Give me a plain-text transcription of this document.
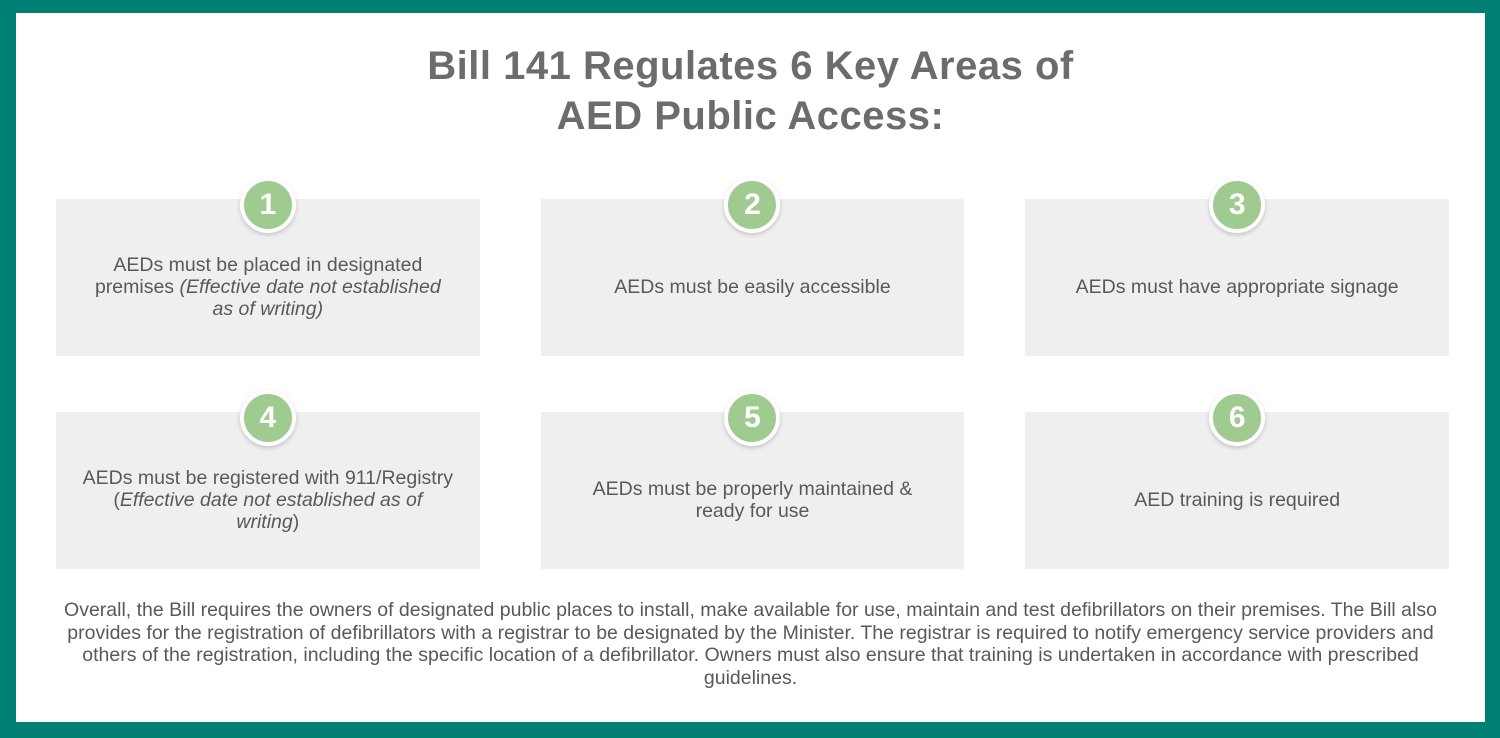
Bill 141 Regulates 6 Key Areas of
AED Public Access:
1
AEDs must be placed in designated premises (Effective date not established as of writing)
2
AEDs must be easily accessible
3
AEDs must have appropriate signage
4
AEDs must be registered with 911/Registry (Effective date not established as of writing)
5
AEDs must be properly maintained & ready for use
6
AED training is required

Overall, the Bill requires the owners of designated public places to install, make available for use, maintain and test defibrillators on their premises. The Bill also provides for the registration of defibrillators with a registrar to be designated by the Minister. The registrar is required to notify emergency service providers and others of the registration, including the specific location of a defibrillator. Owners must also ensure that training is undertaken in accordance with prescribed guidelines.
